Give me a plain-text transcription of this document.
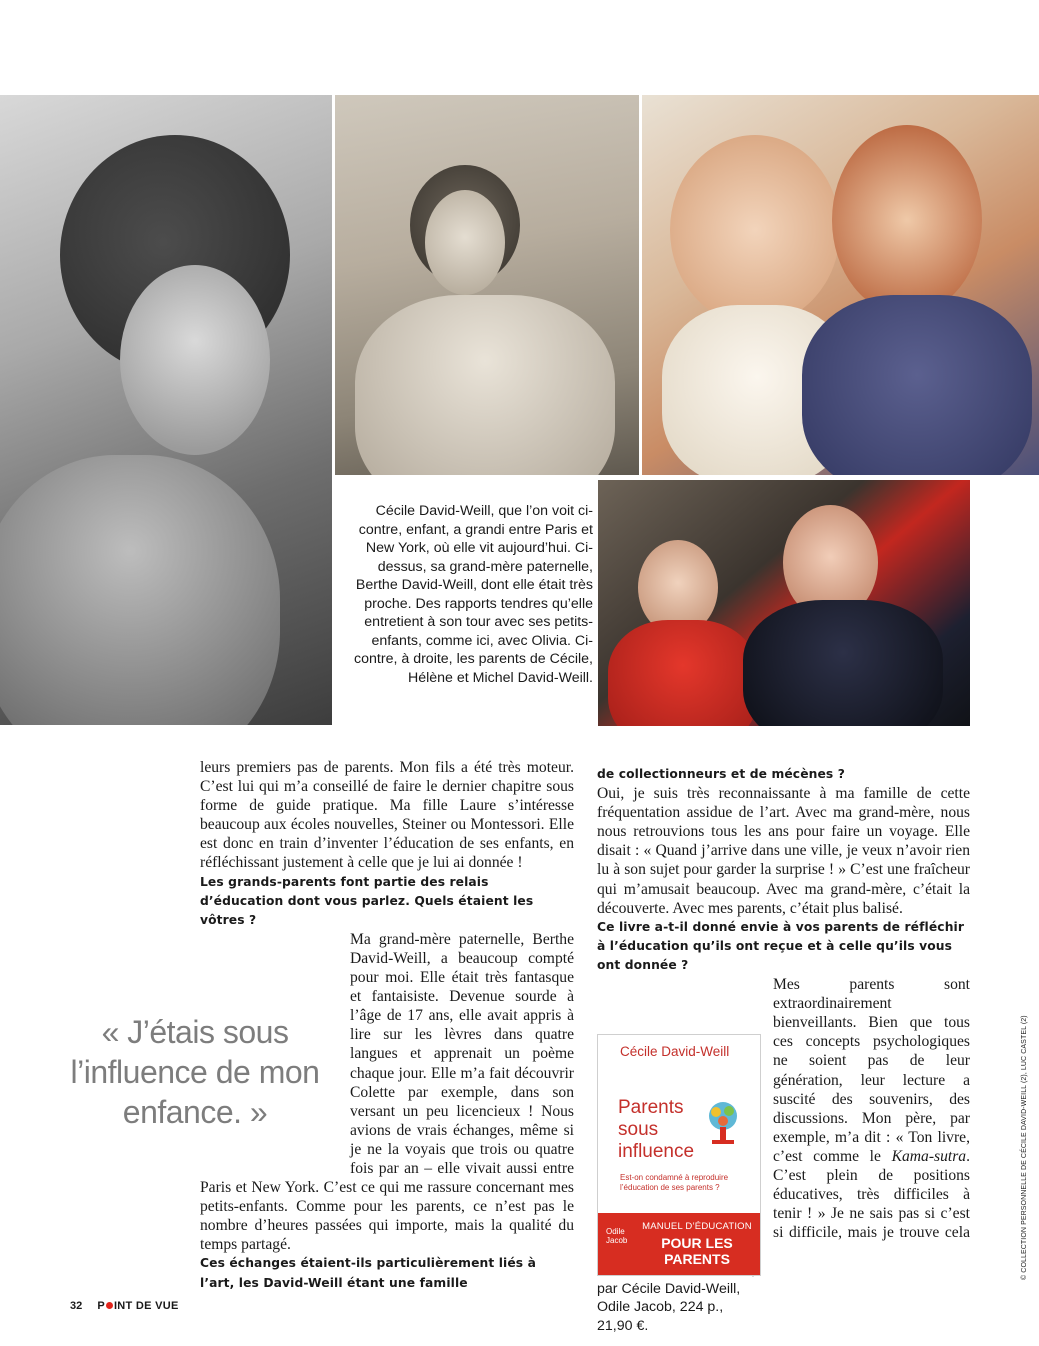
Cécile David-Weill, que l’on voit ci-contre, enfant, a grandi entre Paris et New York, où elle vit aujourd’hui. Ci-dessus, sa grand-mère paternelle, Berthe David-Weill, dont elle était très proche. Des rapports tendres qu’elle entretient à son tour avec ses petits-enfants, comme ici, avec Olivia. Ci-contre, à droite, les parents de Cécile, Hélène et Michel David-Weill.

leurs premiers pas de parents. Mon fils a été très moteur. C’est lui qui m’a conseillé de faire le dernier chapitre sous forme de guide pratique. Ma fille Laure s’intéresse beaucoup aux écoles nouvelles, Steiner ou Montessori. Elle est donc en train d’inventer l’éducation de ses enfants, en réfléchissant justement à celle que je lui ai donnée !

Les grands-parents font partie des relais d’éducation dont vous parlez. Quels étaient les vôtres ?

Ma grand-mère paternelle, Berthe David-Weill, a beaucoup compté pour moi. Elle était très fantasque et fantaisiste. Devenue sourde à l’âge de 17 ans, elle avait appris à lire sur les lèvres dans quatre langues et apprenait un poème chaque jour. Elle m’a fait découvrir Colette par exemple, dans son versant un peu licencieux ! Nous avions de vrais échanges, même si je ne la voyais que trois ou quatre fois par an – elle vivait aussi entre Paris et New York. C’est ce qui me rassure concernant mes petits-enfants. Comme pour les parents, ce n’est pas le nombre d’heures passées qui importe, mais la qualité du temps partagé.

Ces échanges étaient-ils particulièrement liés à l’art, les David-Weill étant une famille

« J’étais sous l’influence de mon enfance. »

de collectionneurs et de mécènes ?

Oui, je suis très reconnaissante à ma famille de cette fréquentation assidue de l’art. Avec ma grand-mère, nous nous retrouvions tous les ans pour faire un voyage. Elle disait : « Quand j’arrive dans une ville, je veux n’avoir rien lu à son sujet pour garder la surprise ! » C’est une fraîcheur qui m’amusait beaucoup. Avec ma grand-mère, c’était la découverte. Avec mes parents, c’était plus balisé.

Ce livre a-t-il donné envie à vos parents de réfléchir à l’éducation qu’ils ont reçue et à celle qu’ils vous ont donnée ?

Mes parents sont extraordinairement bienveillants. Bien que tous ces concepts psychologiques ne soient pas de leur génération, leur lecture a suscité des souvenirs, des discussions. Mon père, par exemple, m’a dit : « Ton livre, c’est comme le Kama-sutra. C’est plein de positions éducatives, très difficiles à tenir ! » Je ne sais pas si c’est si difficile, mais je trouve cela

par Cécile David-Weill,
Odile Jacob, 224 p.,
21,90 €.
Cécile David-Weill
Parents sous influence
Est-on condamné à reproduire l’éducation de ses parents ?
Odile Jacob
MANUEL D’ÉDUCATION
POUR LES PARENTS
32 P INT DE VUE
© COLLECTION PERSONNELLE DE CÉCILE DAVID-WEILL (2), LUC CASTEL (2)
